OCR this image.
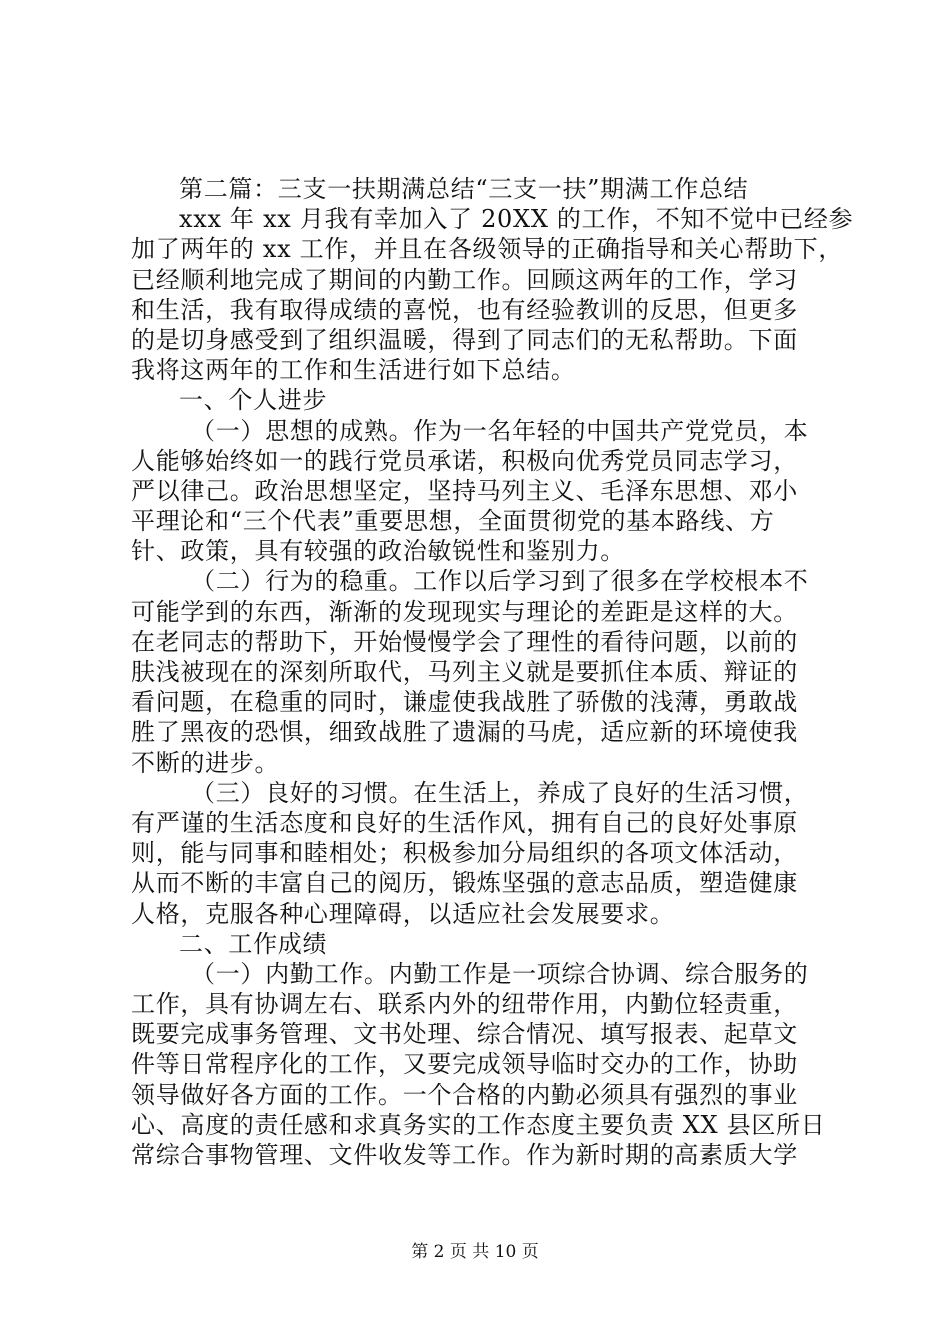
第二篇：三支一扶期满总结“三支一扶”期满工作总结
xxx 年 xx 月我有幸加入了 20XX 的工作，不知不觉中已经参
加了两年的 xx 工作，并且在各级领导的正确指导和关心帮助下，
已经顺利地完成了期间的内勤工作。回顾这两年的工作，学习
和生活，我有取得成绩的喜悦，也有经验教训的反思，但更多
的是切身感受到了组织温暖，得到了同志们的无私帮助。下面
我将这两年的工作和生活进行如下总结。
一、个人进步
（一）思想的成熟。作为一名年轻的中国共产党党员，本
人能够始终如一的践行党员承诺，积极向优秀党员同志学习，
严以律己。政治思想坚定，坚持马列主义、毛泽东思想、邓小
平理论和“三个代表”重要思想，全面贯彻党的基本路线、方
针、政策，具有较强的政治敏锐性和鉴别力。
（二）行为的稳重。工作以后学习到了很多在学校根本不
可能学到的东西，渐渐的发现现实与理论的差距是这样的大。
在老同志的帮助下，开始慢慢学会了理性的看待问题，以前的
肤浅被现在的深刻所取代，马列主义就是要抓住本质、辩证的
看问题，在稳重的同时，谦虚使我战胜了骄傲的浅薄，勇敢战
胜了黑夜的恐惧，细致战胜了遗漏的马虎，适应新的环境使我
不断的进步。
（三）良好的习惯。在生活上，养成了良好的生活习惯，
有严谨的生活态度和良好的生活作风，拥有自己的良好处事原
则，能与同事和睦相处；积极参加分局组织的各项文体活动，
从而不断的丰富自己的阅历，锻炼坚强的意志品质，塑造健康
人格，克服各种心理障碍，以适应社会发展要求。
二、工作成绩
（一）内勤工作。内勤工作是一项综合协调、综合服务的
工作，具有协调左右、联系内外的纽带作用，内勤位轻责重，
既要完成事务管理、文书处理、综合情况、填写报表、起草文
件等日常程序化的工作，又要完成领导临时交办的工作，协助
领导做好各方面的工作。一个合格的内勤必须具有强烈的事业
心、高度的责任感和求真务实的工作态度主要负责 XX 县区所日
常综合事物管理、文件收发等工作。作为新时期的高素质大学
第 2 页 共 10 页
